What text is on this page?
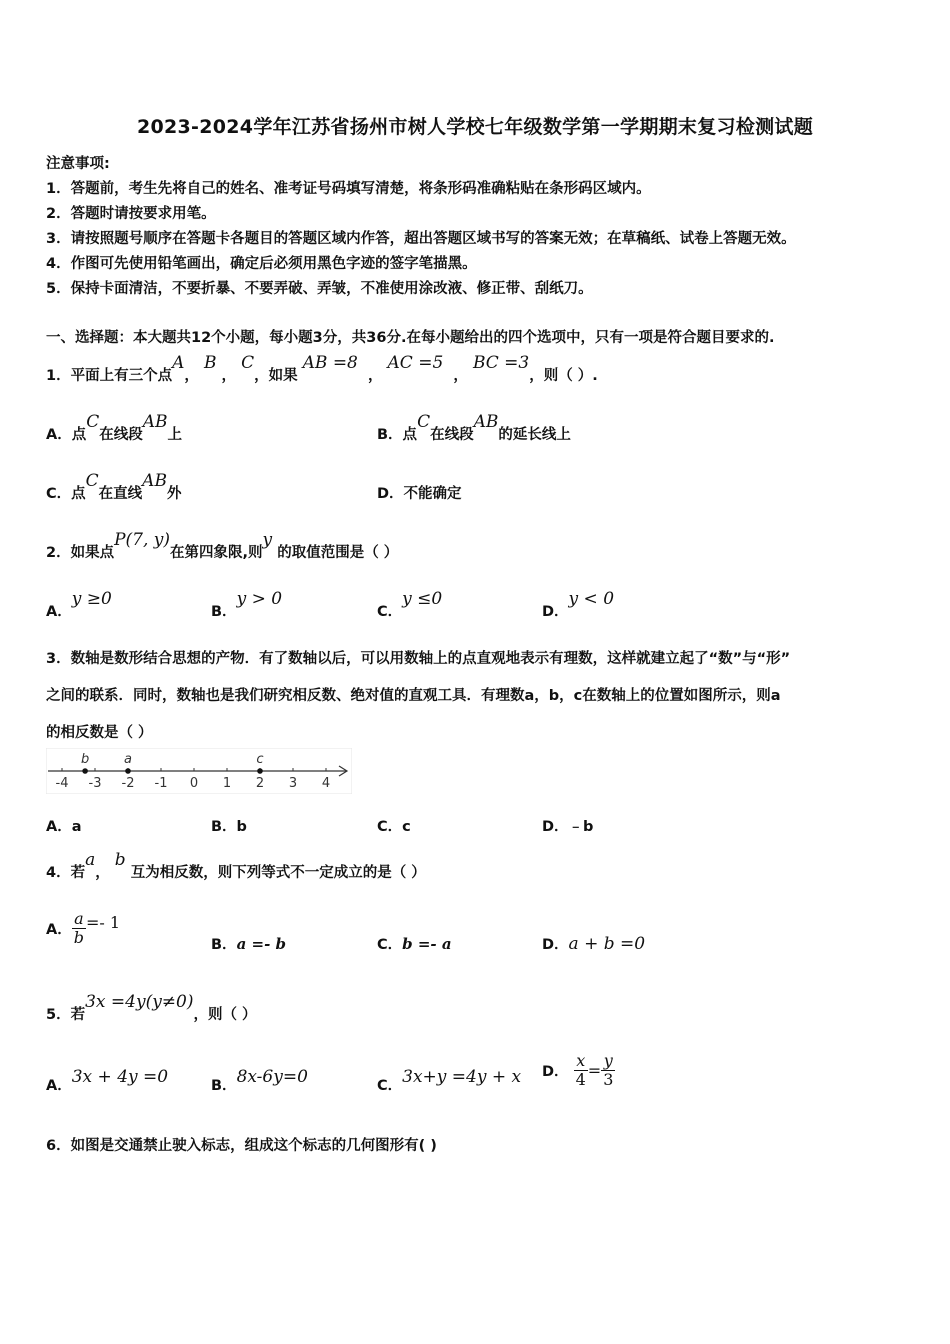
2023-2024学年江苏省扬州市树人学校七年级数学第一学期期末复习检测试题
注意事项:
1．答题前，考生先将自己的姓名、准考证号码填写清楚，将条形码准确粘贴在条形码区域内。
2．答题时请按要求用笔。
3．请按照题号顺序在答题卡各题目的答题区域内作答，超出答题区域书写的答案无效；在草稿纸、试卷上答题无效。
4．作图可先使用铅笔画出，确定后必须用黑色字迹的签字笔描黑。
5．保持卡面清洁，不要折暴、不要弄破、弄皱，不准使用涂改液、修正带、刮纸刀。
一、选择题：本大题共12个小题，每小题3分，共36分.在每小题给出的四个选项中，只有一项是符合题目要求的.
1．平面上有三个点A， B ， C，如果 AB =8  ， AC =5  ， BC =3，则（ ）.
A．点C在线段AB上	B．点C在线段AB的延长线上
C．点C在直线AB外	D．不能确定
2．如果点P(7, y)在第四象限,则y 的取值范围是（ ）
A．y ≥0
B．y > 0
C．y ≤0
D．y < 0
3．数轴是数形结合思想的产物．有了数轴以后，可以用数轴上的点直观地表示有理数，这样就建立起了“数”与“形”
之间的联系．同时，数轴也是我们研究相反数、绝对值的直观工具．有理数a，b，c在数轴上的位置如图所示，则a
的相反数是（ ）
-4 -3 -2 -1 0 1 2 3 4
b	a	c
A．a	B．b	C．c	D．﹣b
4．若a， b 互为相反数，则下列等式不一定成立的是（ ）
A． $\frac{a}{b} =- 1$
B．a =- b	C．b =- a	D．a + b =0
5．若3x =4y(y≠0)，则（ ）
A．3x + 4y =0	B．8x-6y=0	C．3x+y =4y + x D． $\frac{x}{4} = \frac{y}{3}$
6．如图是交通禁止驶入标志，组成这个标志的几何图形有( )
